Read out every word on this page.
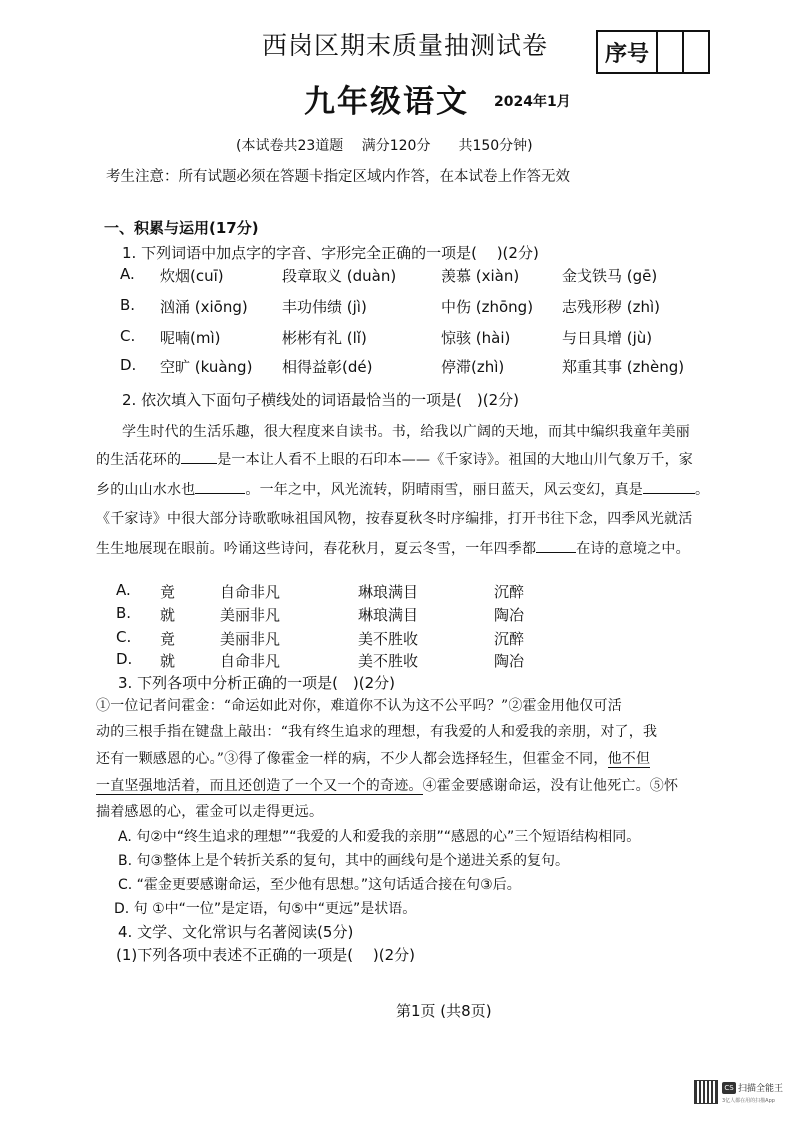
西岗区期末质量抽测试卷	序号
九年级语文 2024年1月
(本试卷共23道题　 满分120分　　共150分钟)
考生注意：所有试题必须在答题卡指定区域内作答，在本试卷上作答无效
一、积累与运用(17分)
1. 下列词语中加点字的字音、字形完全正确的一项是(　 )(2分)
A. 炊烟(cuī)	段章取义 (duàn)	羡慕 (xiàn)	金戈铁马 (gē)
B. 汹涌 (xiōng) 丰功伟绩 (jì)	中伤 (zhōng) 志残形秽 (zhì)
C. 呢喃(mì)	彬彬有礼 (lǐ)	惊骇 (hài)	与日具增 (jù)
D. 空旷 (kuàng) 相得益彰(dé)	停滞(zhì)	郑重其事 (zhèng)
2. 依次填入下面句子横线处的词语最恰当的一项是(　)(2分)
学生时代的生活乐趣，很大程度来自读书。书，给我以广阔的天地，而其中编织我童年美丽
的生活花环的	是一本让人看不上眼的石印本——《千家诗》。祖国的大地山川气象万千，家
乡的山山水水也	。一年之中，风光流转，阴晴雨雪，丽日蓝天，风云变幻，真是	。
《千家诗》中很大部分诗歌歌咏祖国风物，按春夏秋冬时序编排，打开书往下念，四季风光就活
生生地展现在眼前。吟诵这些诗问，春花秋月，夏云冬雪，一年四季都	在诗的意境之中。
A. 竟	自命非凡	琳琅满目	沉醉
B. 就	美丽非凡	琳琅满目	陶冶
C. 竟	美丽非凡	美不胜收	沉醉
D. 就	自命非凡	美不胜收	陶冶
3. 下列各项中分析正确的一项是(　)(2分)
①一位记者问霍金：“命运如此对你，难道你不认为这不公平吗？”②霍金用他仅可活
动的三根手指在键盘上敲出：“我有终生追求的理想，有我爱的人和爱我的亲朋，对了，我
还有一颗感恩的心。”③得了像霍金一样的病，不少人都会选择轻生，但霍金不同，他不但
一直坚强地活着，而且还创造了一个又一个的奇迹。④霍金要感谢命运，没有让他死亡。⑤怀
揣着感恩的心，霍金可以走得更远。
A. 句②中“终生追求的理想”“我爱的人和爱我的亲朋”“感恩的心”三个短语结构相同。
B. 句③整体上是个转折关系的复句，其中的画线句是个递进关系的复句。
C. “霍金更要感谢命运，至少他有思想。”这句话适合接在句③后。
D. 句 ①中“一位”是定语，句⑤中“更远”是状语。
4. 文学、文化常识与名著阅读(5分)
(1)下列各项中表述不正确的一项是(　 )(2分)
第1页 (共8页)
CS 扫描全能王
3亿人都在用的扫描App
